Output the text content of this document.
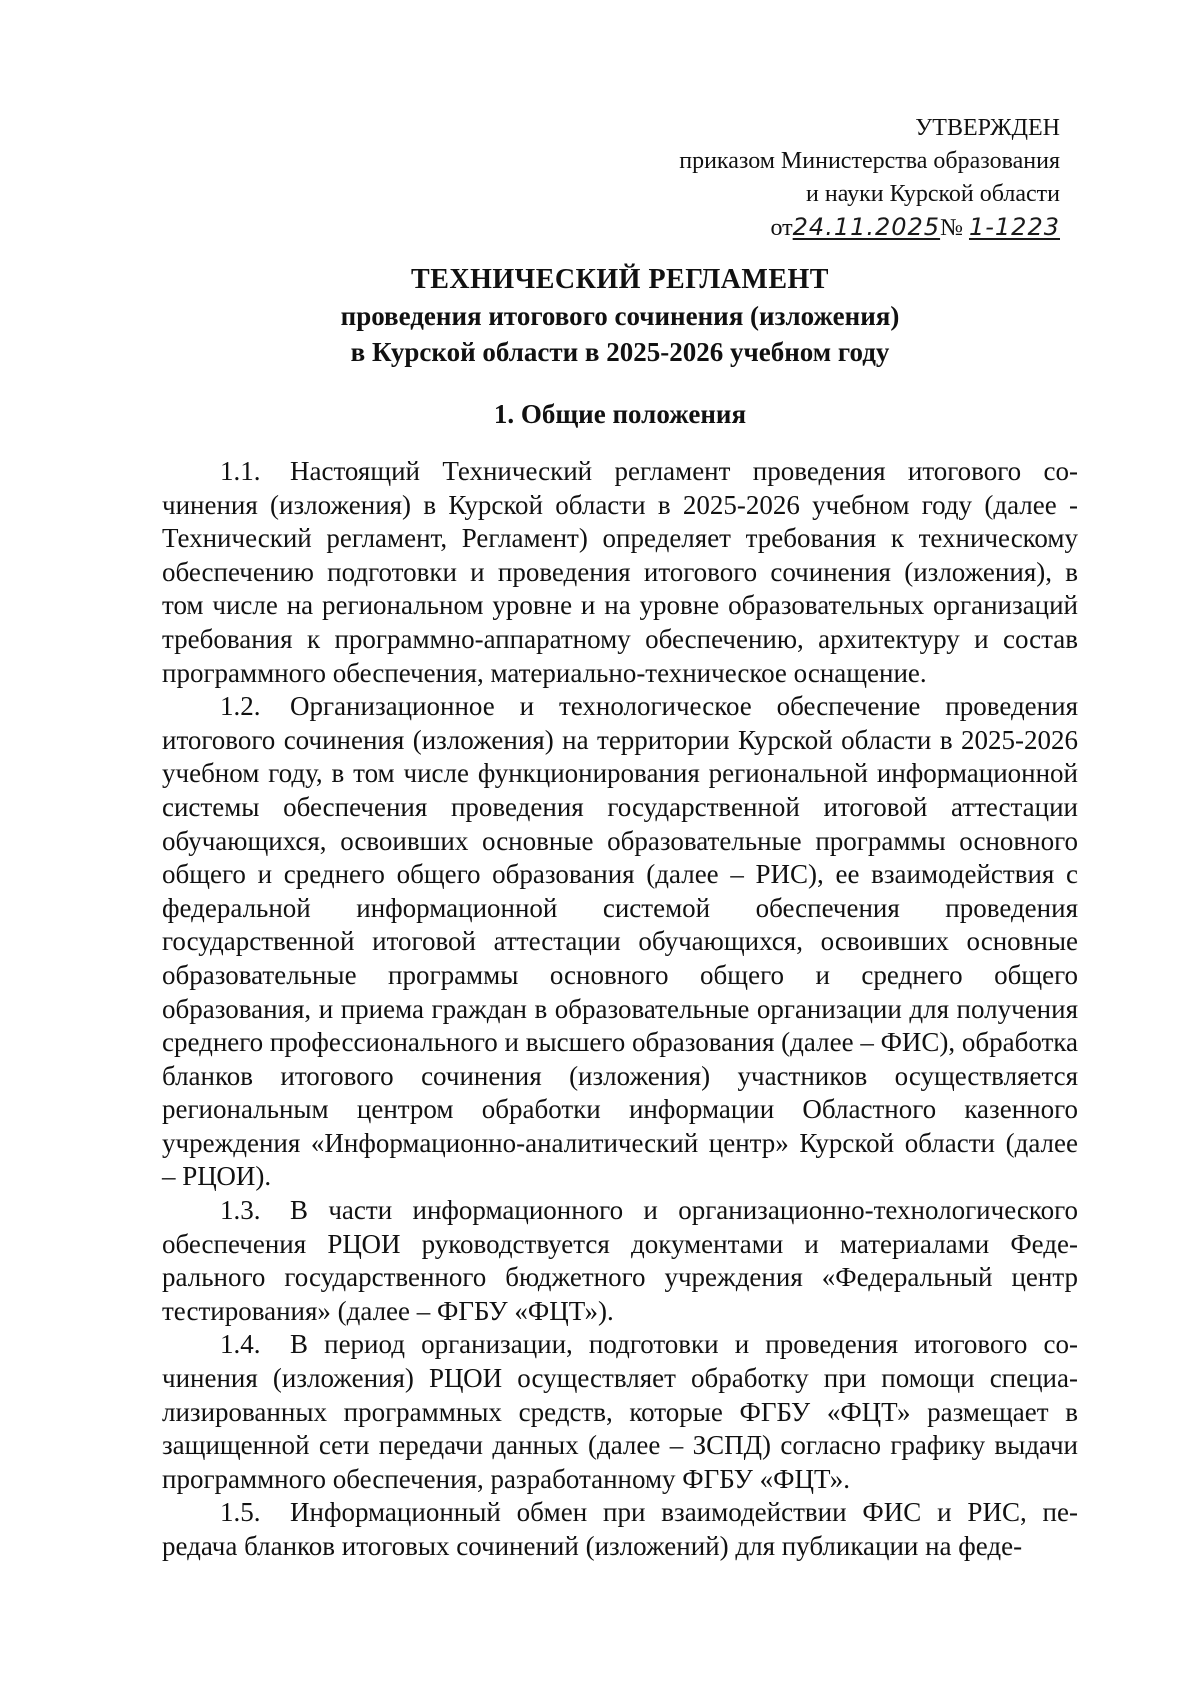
УТВЕРЖДЕН
приказом Министерства образования
и науки Курской области
от24.11.2025№ 1-1223
ТЕХНИЧЕСКИЙ РЕГЛАМЕНТ
проведения итогового сочинения (изложения)
в Курской области в 2025-2026 учебном году
1. Общие положения

1.1. Настоящий Технический регламент проведения итогового сочинения (изложения) в Курской области в 2025-2026 учебном году (далее - Технический регламент, Регламент) определяет требования к техническому обеспечению подготовки и проведения итогового сочинения (изложения), в том числе на региональном уровне и на уровне образовательных организаций требования к программно-аппаратному обеспечению, архитектуру и состав программного обеспечения, материально-техническое оснащение.

1.2. Организационное и технологическое обеспечение проведения итогового сочинения (изложения) на территории Курской области в 2025-2026 учебном году, в том числе функционирования региональной информационной системы обеспечения проведения государственной итоговой аттестации обучающихся, освоивших основные образовательные программы основного общего и среднего общего образования (далее – РИС), ее взаимодействия с федеральной информационной системой обеспечения проведения государственной итоговой аттестации обучающихся, освоивших основные образовательные программы основного общего и среднего общего образования, и приема граждан в образовательные организации для получения среднего профессионального и высшего образования (далее – ФИС), обработка бланков итогового сочинения (изложения) участников осуществляется региональным центром обработки информации Областного казенного учреждения «Информационно-аналитический центр» Курской области (далее – РЦОИ).

1.3. В части информационного и организационно-технологического обеспечения РЦОИ руководствуется документами и материалами Федерального государственного бюджетного учреждения «Федеральный центр тестирования» (далее – ФГБУ «ФЦТ»).

1.4. В период организации, подготовки и проведения итогового сочинения (изложения) РЦОИ осуществляет обработку при помощи специализированных программных средств, которые ФГБУ «ФЦТ» размещает в защищенной сети передачи данных (далее – ЗСПД) согласно графику выдачи программного обеспечения, разработанному ФГБУ «ФЦТ».

1.5. Информационный обмен при взаимодействии ФИС и РИС, передача бланков итоговых сочинений (изложений) для публикации на феде-
